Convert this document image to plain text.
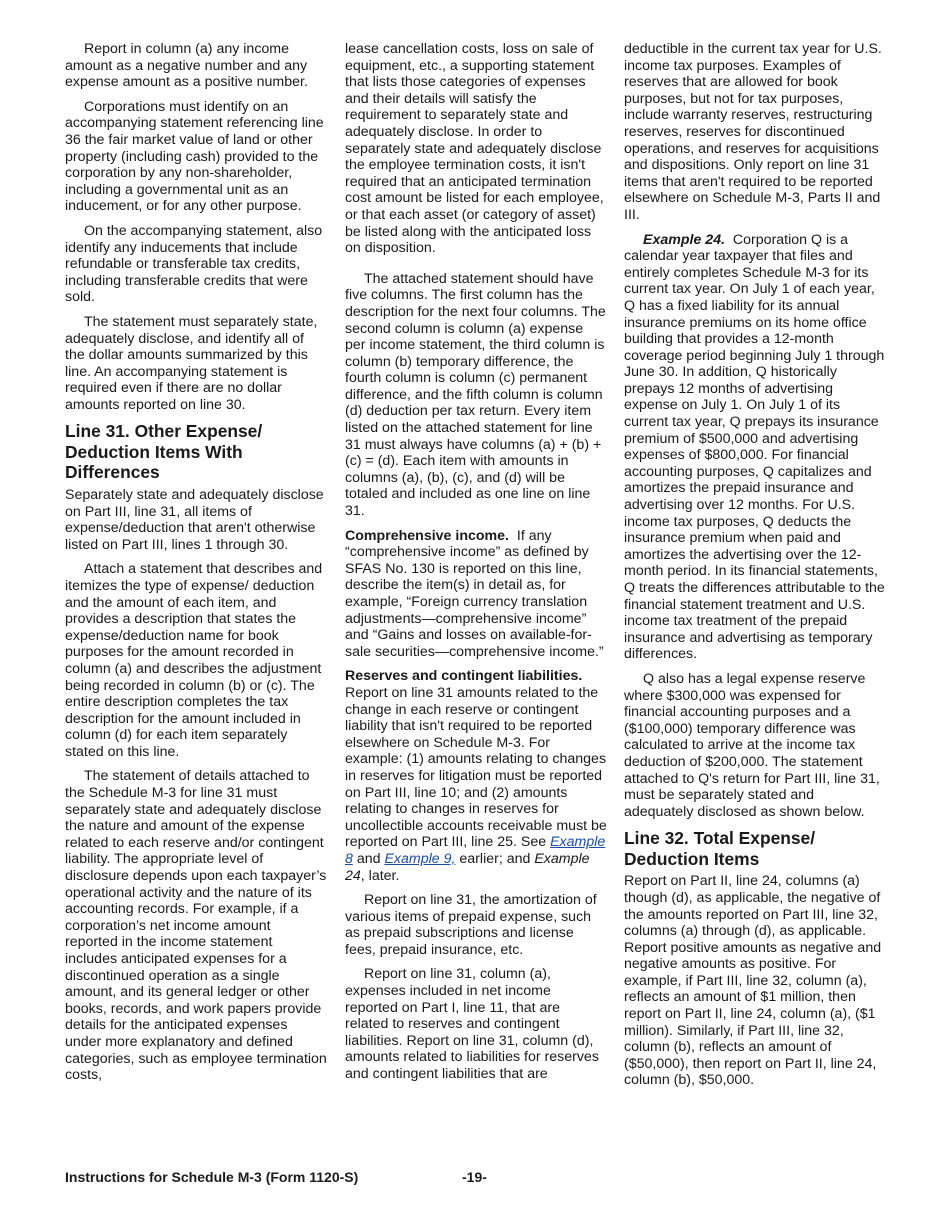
Report in column (a) any income amount as a negative number and any expense amount as a positive number.

Corporations must identify on an accompanying statement referencing line 36 the fair market value of land or other property (including cash) provided to the corporation by any non-shareholder, including a governmental unit as an inducement, or for any other purpose.

On the accompanying statement, also identify any inducements that include refundable or transferable tax credits, including transferable credits that were sold.

The statement must separately state, adequately disclose, and identify all of the dollar amounts summarized by this line. An accompanying statement is required even if there are no dollar amounts reported on line 30.

Line 31. Other Expense/ Deduction Items With Differences

Separately state and adequately disclose on Part III, line 31, all items of expense/deduction that aren't otherwise listed on Part III, lines 1 through 30.

Attach a statement that describes and itemizes the type of expense/ deduction and the amount of each item, and provides a description that states the expense/deduction name for book purposes for the amount recorded in column (a) and describes the adjustment being recorded in column (b) or (c). The entire description completes the tax description for the amount included in column (d) for each item separately stated on this line.

The statement of details attached to the Schedule M-3 for line 31 must separately state and adequately disclose the nature and amount of the expense related to each reserve and/or contingent liability. The appropriate level of disclosure depends upon each taxpayer’s operational activity and the nature of its accounting records. For example, if a corporation’s net income amount reported in the income statement includes anticipated expenses for a discontinued operation as a single amount, and its general ledger or other books, records, and work papers provide details for the anticipated expenses under more explanatory and defined categories, such as employee termination costs,

lease cancellation costs, loss on sale of equipment, etc., a supporting statement that lists those categories of expenses and their details will satisfy the requirement to separately state and adequately disclose. In order to separately state and adequately disclose the employee termination costs, it isn't required that an anticipated termination cost amount be listed for each employee, or that each asset (or category of asset) be listed along with the anticipated loss on disposition.

The attached statement should have five columns. The first column has the description for the next four columns. The second column is column (a) expense per income statement, the third column is column (b) temporary difference, the fourth column is column (c) permanent difference, and the fifth column is column (d) deduction per tax return. Every item listed on the attached statement for line 31 must always have columns (a) + (b) + (c) = (d). Each item with amounts in columns (a), (b), (c), and (d) will be totaled and included as one line on line 31.

Comprehensive income. If any “comprehensive income” as defined by SFAS No. 130 is reported on this line, describe the item(s) in detail as, for example, “Foreign currency translation adjustments—comprehensive income” and “Gains and losses on available-for-sale securities—comprehensive income.”

Reserves and contingent liabilities.
Report on line 31 amounts related to the change in each reserve or contingent liability that isn't required to be reported elsewhere on Schedule M-3. For example: (1) amounts relating to changes in reserves for litigation must be reported on Part III, line 10; and (2) amounts relating to changes in reserves for uncollectible accounts receivable must be reported on Part III, line 25. See Example 8 and Example 9, earlier; and Example 24, later.

Report on line 31, the amortization of various items of prepaid expense, such as prepaid subscriptions and license fees, prepaid insurance, etc.

Report on line 31, column (a), expenses included in net income reported on Part I, line 11, that are related to reserves and contingent liabilities. Report on line 31, column (d), amounts related to liabilities for reserves and contingent liabilities that are

deductible in the current tax year for U.S. income tax purposes. Examples of reserves that are allowed for book purposes, but not for tax purposes, include warranty reserves, restructuring reserves, reserves for discontinued operations, and reserves for acquisitions and dispositions. Only report on line 31 items that aren't required to be reported elsewhere on Schedule M-3, Parts II and III.

Example 24. Corporation Q is a calendar year taxpayer that files and entirely completes Schedule M-3 for its current tax year. On July 1 of each year, Q has a fixed liability for its annual insurance premiums on its home office building that provides a 12-month coverage period beginning July 1 through June 30. In addition, Q historically prepays 12 months of advertising expense on July 1. On July 1 of its current tax year, Q prepays its insurance premium of $500,000 and advertising expenses of $800,000. For financial accounting purposes, Q capitalizes and amortizes the prepaid insurance and advertising over 12 months. For U.S. income tax purposes, Q deducts the insurance premium when paid and amortizes the advertising over the 12-month period. In its financial statements, Q treats the differences attributable to the financial statement treatment and U.S. income tax treatment of the prepaid insurance and advertising as temporary differences.

Q also has a legal expense reserve where $300,000 was expensed for financial accounting purposes and a ($100,000) temporary difference was calculated to arrive at the income tax deduction of $200,000. The statement attached to Q's return for Part III, line 31, must be separately stated and adequately disclosed as shown below.

Line 32. Total Expense/ Deduction Items

Report on Part II, line 24, columns (a) though (d), as applicable, the negative of the amounts reported on Part III, line 32, columns (a) through (d), as applicable. Report positive amounts as negative and negative amounts as positive. For example, if Part III, line 32, column (a), reflects an amount of $1 million, then report on Part II, line 24, column (a), ($1 million). Similarly, if Part III, line 32, column (b), reflects an amount of ($50,000), then report on Part II, line 24, column (b), $50,000.

Instructions for Schedule M-3 (Form 1120-S)	-19-
